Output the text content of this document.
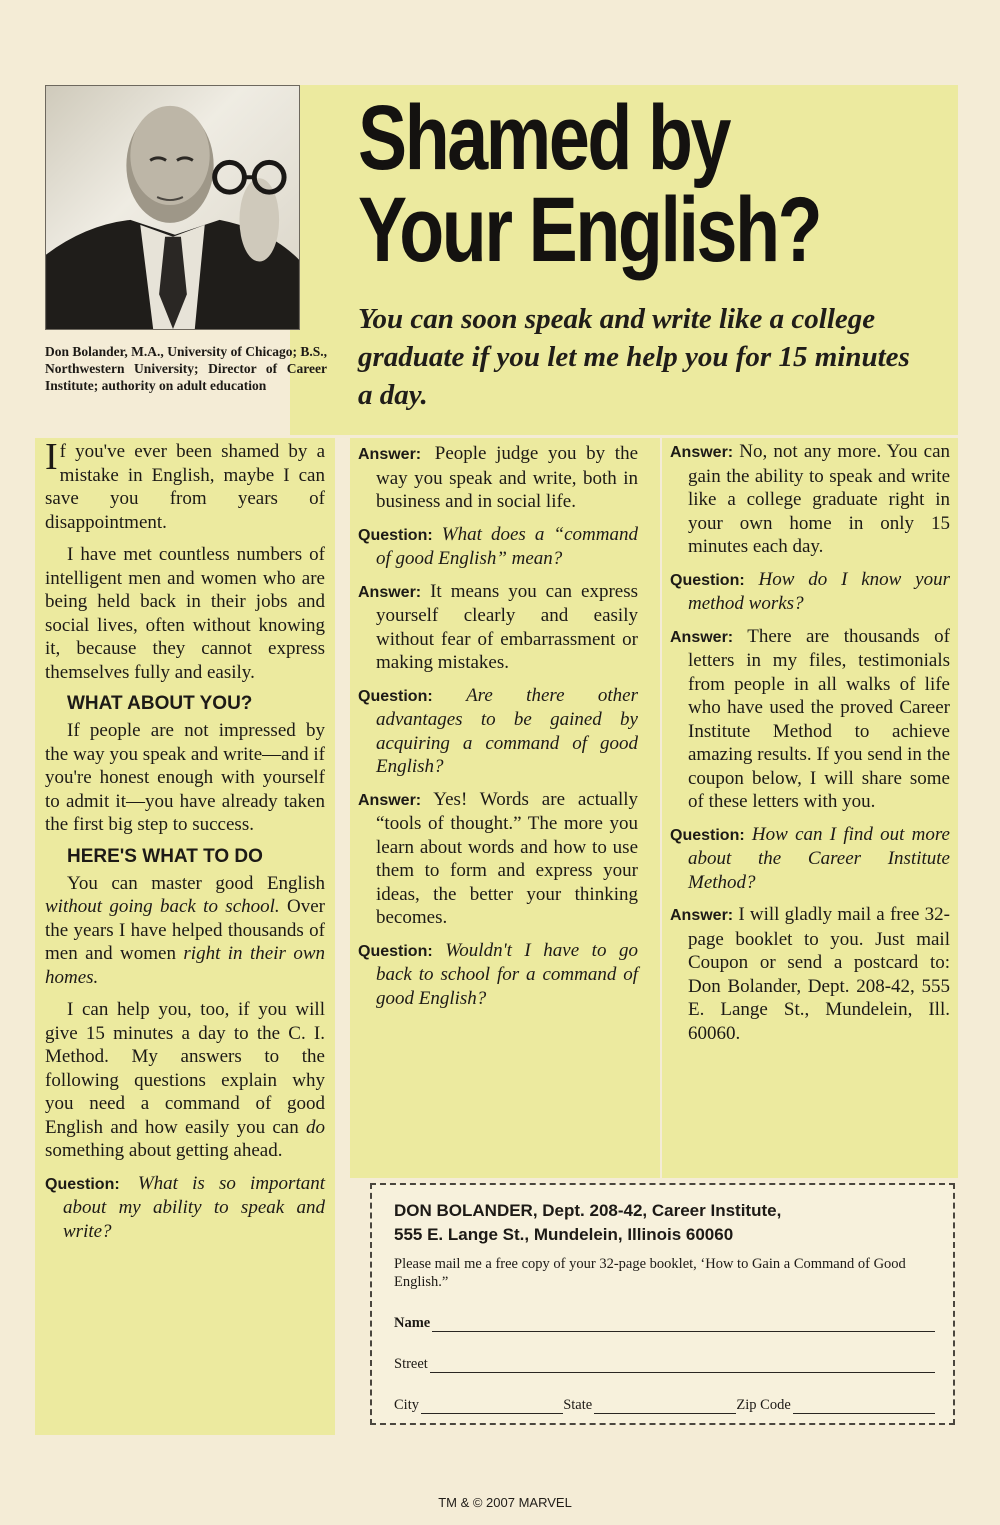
Don Bolander, M.A., University of Chicago; B.S., Northwestern University; Director of Career Institute; authority on adult education
Shamed by
Your English?
You can soon speak and write like a college graduate if you let me help you for 15 minutes a day.

If you've ever been shamed by a mistake in English, maybe I can save you from years of disappointment.

I have met countless numbers of intelligent men and women who are being held back in their jobs and social lives, often without knowing it, because they cannot express themselves fully and easily.

WHAT ABOUT YOU?

If people are not impressed by the way you speak and write—and if you're honest enough with yourself to admit it—you have already taken the first big step to success.

HERE'S WHAT TO DO

You can master good English without going back to school. Over the years I have helped thousands of men and women right in their own homes.

I can help you, too, if you will give 15 minutes a day to the C. I. Method. My answers to the following questions explain why you need a command of good English and how easily you can do something about getting ahead.

Question: What is so important about my ability to speak and write?

Answer: People judge you by the way you speak and write, both in business and in social life.

Question: What does a “command of good English” mean?

Answer: It means you can express yourself clearly and easily without fear of embarrassment or making mistakes.

Question: Are there other advantages to be gained by acquiring a command of good English?

Answer: Yes! Words are actually “tools of thought.” The more you learn about words and how to use them to form and express your ideas, the better your thinking becomes.

Question: Wouldn't I have to go back to school for a command of good English?

Answer: No, not any more. You can gain the ability to speak and write like a college graduate right in your own home in only 15 minutes each day.

Question: How do I know your method works?

Answer: There are thousands of letters in my files, testimonials from people in all walks of life who have used the proved Career Institute Method to achieve amazing results. If you send in the coupon below, I will share some of these letters with you.

Question: How can I find out more about the Career Institute Method?

Answer: I will gladly mail a free 32-page booklet to you. Just mail Coupon or send a postcard to: Don Bolander, Dept. 208-42, 555 E. Lange St., Mundelein, Ill. 60060.

DON BOLANDER, Dept. 208-42, Career Institute,
555 E. Lange St., Mundelein, Illinois 60060
Please mail me a free copy of your 32-page booklet, ‘How to Gain a Command of Good English.”
Name
Street
City	State	Zip Code
TM & © 2007 MARVEL
